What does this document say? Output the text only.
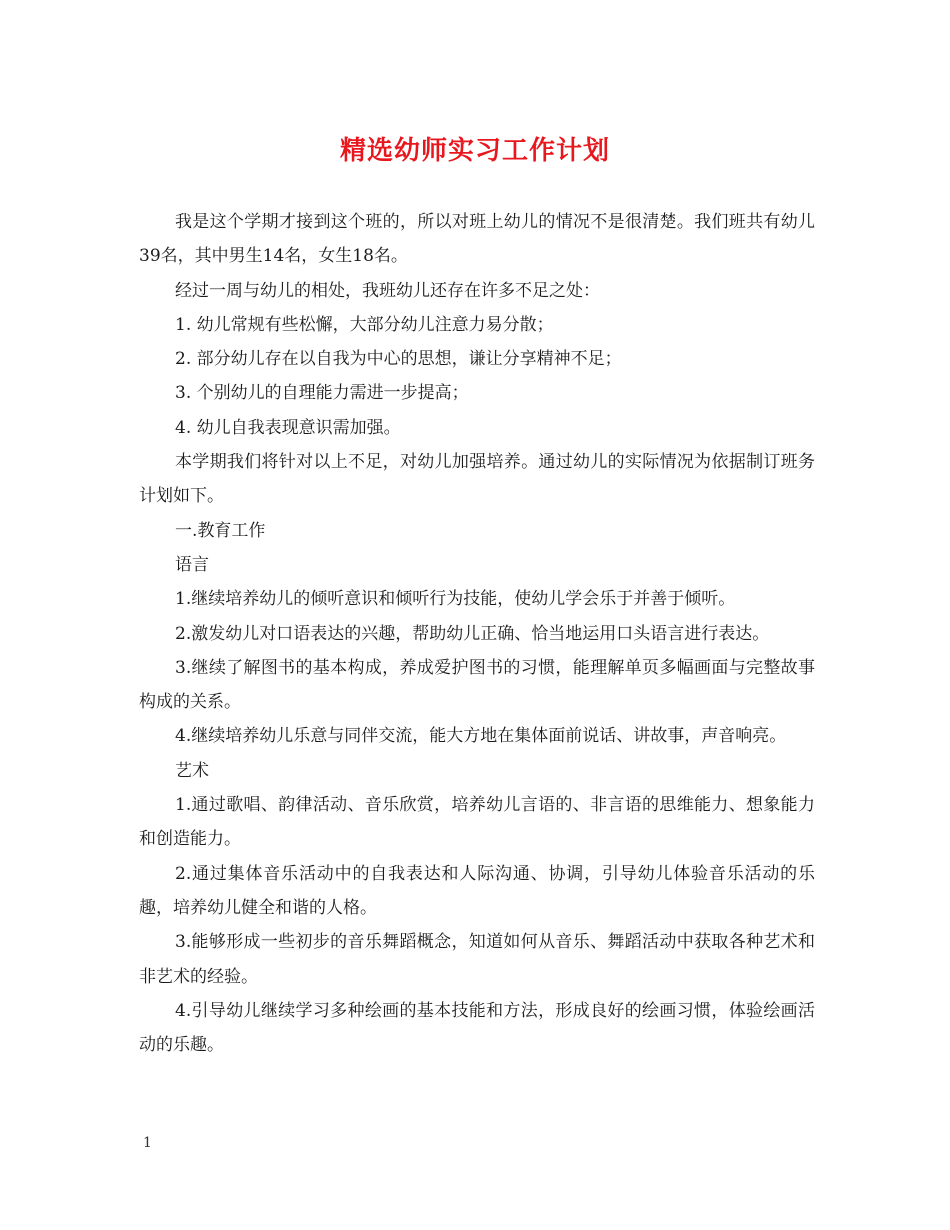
精选幼师实习工作计划

我是这个学期才接到这个班的，所以对班上幼儿的情况不是很清楚。我们班共有幼儿39名，其中男生14名，女生18名。

经过一周与幼儿的相处，我班幼儿还存在许多不足之处：

1. 幼儿常规有些松懈，大部分幼儿注意力易分散；

2. 部分幼儿存在以自我为中心的思想，谦让分享精神不足；

3. 个别幼儿的自理能力需进一步提高；

4. 幼儿自我表现意识需加强。

本学期我们将针对以上不足，对幼儿加强培养。通过幼儿的实际情况为依据制订班务计划如下。

一.教育工作

语言

1.继续培养幼儿的倾听意识和倾听行为技能，使幼儿学会乐于并善于倾听。

2.激发幼儿对口语表达的兴趣，帮助幼儿正确、恰当地运用口头语言进行表达。

3.继续了解图书的基本构成，养成爱护图书的习惯，能理解单页多幅画面与完整故事构成的关系。

4.继续培养幼儿乐意与同伴交流，能大方地在集体面前说话、讲故事，声音响亮。

艺术

1.通过歌唱、韵律活动、音乐欣赏，培养幼儿言语的、非言语的思维能力、想象能力和创造能力。

2.通过集体音乐活动中的自我表达和人际沟通、协调，引导幼儿体验音乐活动的乐趣，培养幼儿健全和谐的人格。

3.能够形成一些初步的音乐舞蹈概念，知道如何从音乐、舞蹈活动中获取各种艺术和非艺术的经验。

4.引导幼儿继续学习多种绘画的基本技能和方法，形成良好的绘画习惯，体验绘画活动的乐趣。

1
